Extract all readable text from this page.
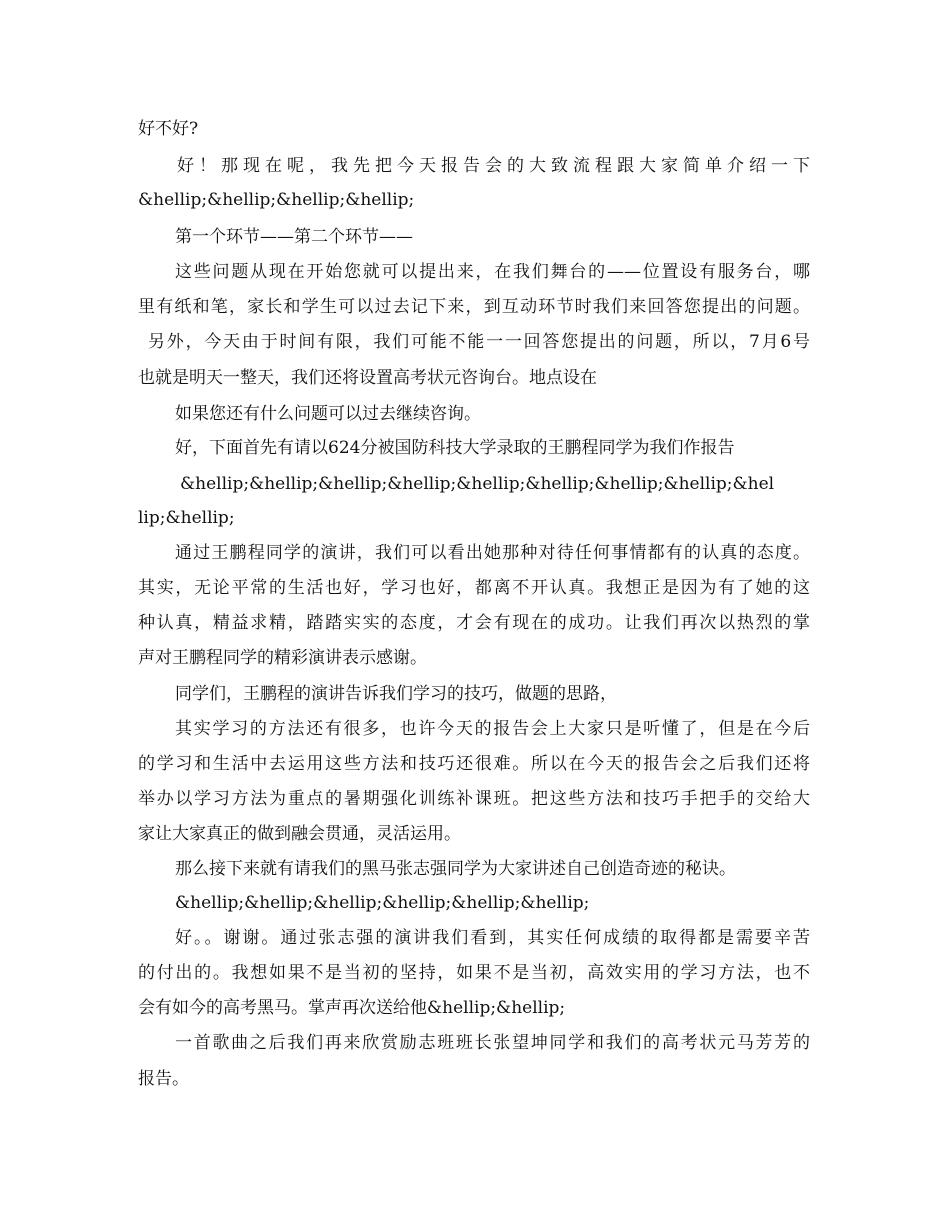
好不好?
好！那现在呢，我先把今天报告会的大致流程跟大家简单介绍一下
&hellip;&hellip;&hellip;&hellip;
第一个环节——第二个环节——
这些问题从现在开始您就可以提出来，在我们舞台的——位置设有服务台，哪
里有纸和笔，家长和学生可以过去记下来，到互动环节时我们来回答您提出的问题。
另外，今天由于时间有限，我们可能不能一一回答您提出的问题，所以，7月6号
也就是明天一整天，我们还将设置高考状元咨询台。地点设在
如果您还有什么问题可以过去继续咨询。
好，下面首先有请以624分被国防科技大学录取的王鹏程同学为我们作报告
&hellip;&hellip;&hellip;&hellip;&hellip;&hellip;&hellip;&hellip;&hel
lip;&hellip;
通过王鹏程同学的演讲，我们可以看出她那种对待任何事情都有的认真的态度。
其实，无论平常的生活也好，学习也好，都离不开认真。我想正是因为有了她的这
种认真，精益求精，踏踏实实的态度，才会有现在的成功。让我们再次以热烈的掌
声对王鹏程同学的精彩演讲表示感谢。
同学们，王鹏程的演讲告诉我们学习的技巧，做题的思路，
其实学习的方法还有很多，也许今天的报告会上大家只是听懂了，但是在今后
的学习和生活中去运用这些方法和技巧还很难。所以在今天的报告会之后我们还将
举办以学习方法为重点的暑期强化训练补课班。把这些方法和技巧手把手的交给大
家让大家真正的做到融会贯通，灵活运用。
那么接下来就有请我们的黑马张志强同学为大家讲述自己创造奇迹的秘诀。
&hellip;&hellip;&hellip;&hellip;&hellip;&hellip;
好。。谢谢。通过张志强的演讲我们看到，其实任何成绩的取得都是需要辛苦
的付出的。我想如果不是当初的坚持，如果不是当初，高效实用的学习方法，也不
会有如今的高考黑马。掌声再次送给他&hellip;&hellip;
一首歌曲之后我们再来欣赏励志班班长张望坤同学和我们的高考状元马芳芳的
报告。
